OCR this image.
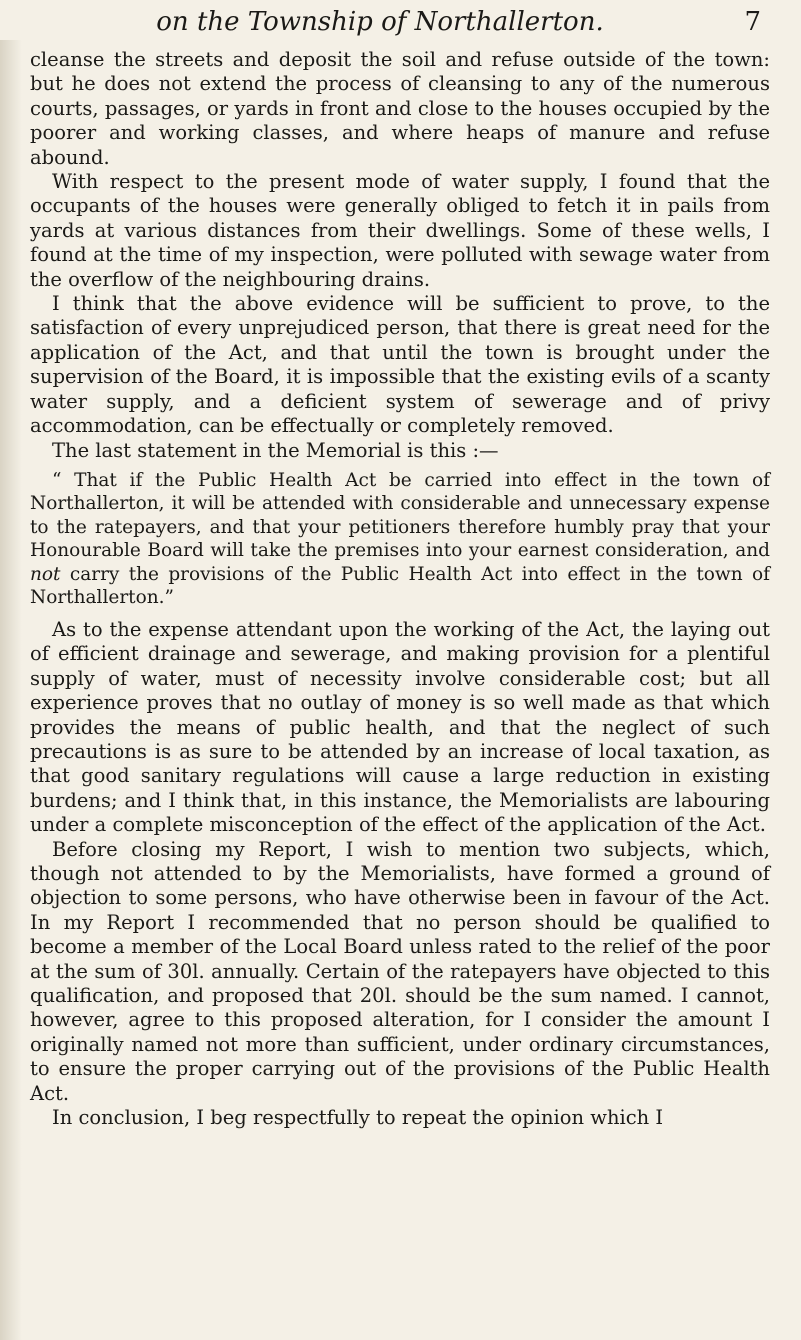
on the Township of Northallerton.	7

cleanse the streets and deposit the soil and refuse outside of the town: but he does not extend the process of cleansing to any of the numerous courts, passages, or yards in front and close to the houses occupied by the poorer and working classes, and where heaps of manure and refuse abound.

With respect to the present mode of water supply, I found that the occupants of the houses were generally obliged to fetch it in pails from yards at various distances from their dwellings. Some of these wells, I found at the time of my inspection, were polluted with sewage water from the overflow of the neighbouring drains.

I think that the above evidence will be sufficient to prove, to the satisfaction of every unprejudiced person, that there is great need for the application of the Act, and that until the town is brought under the supervision of the Board, it is impossible that the existing evils of a scanty water supply, and a deficient system of sewerage and of privy accommodation, can be effectually or completely removed.

The last statement in the Memorial is this :—

“ That if the Public Health Act be carried into effect in the town of Northallerton, it will be attended with considerable and unnecessary expense to the ratepayers, and that your petitioners therefore humbly pray that your Honourable Board will take the premises into your earnest consideration, and not carry the provisions of the Public Health Act into effect in the town of Northallerton.”

As to the expense attendant upon the working of the Act, the laying out of efficient drainage and sewerage, and making provision for a plentiful supply of water, must of necessity involve considerable cost; but all experience proves that no outlay of money is so well made as that which provides the means of public health, and that the neglect of such precautions is as sure to be attended by an increase of local taxation, as that good sanitary regulations will cause a large reduction in existing burdens; and I think that, in this instance, the Memorialists are labouring under a complete misconception of the effect of the application of the Act.

Before closing my Report, I wish to mention two subjects, which, though not attended to by the Memorialists, have formed a ground of objection to some persons, who have otherwise been in favour of the Act. In my Report I recommended that no person should be qualified to become a member of the Local Board unless rated to the relief of the poor at the sum of 30l. annually. Certain of the ratepayers have objected to this qualification, and proposed that 20l. should be the sum named. I cannot, however, agree to this proposed alteration, for I consider the amount I originally named not more than sufficient, under ordinary circumstances, to ensure the proper carrying out of the provisions of the Public Health Act.

In conclusion, I beg respectfully to repeat the opinion which I
